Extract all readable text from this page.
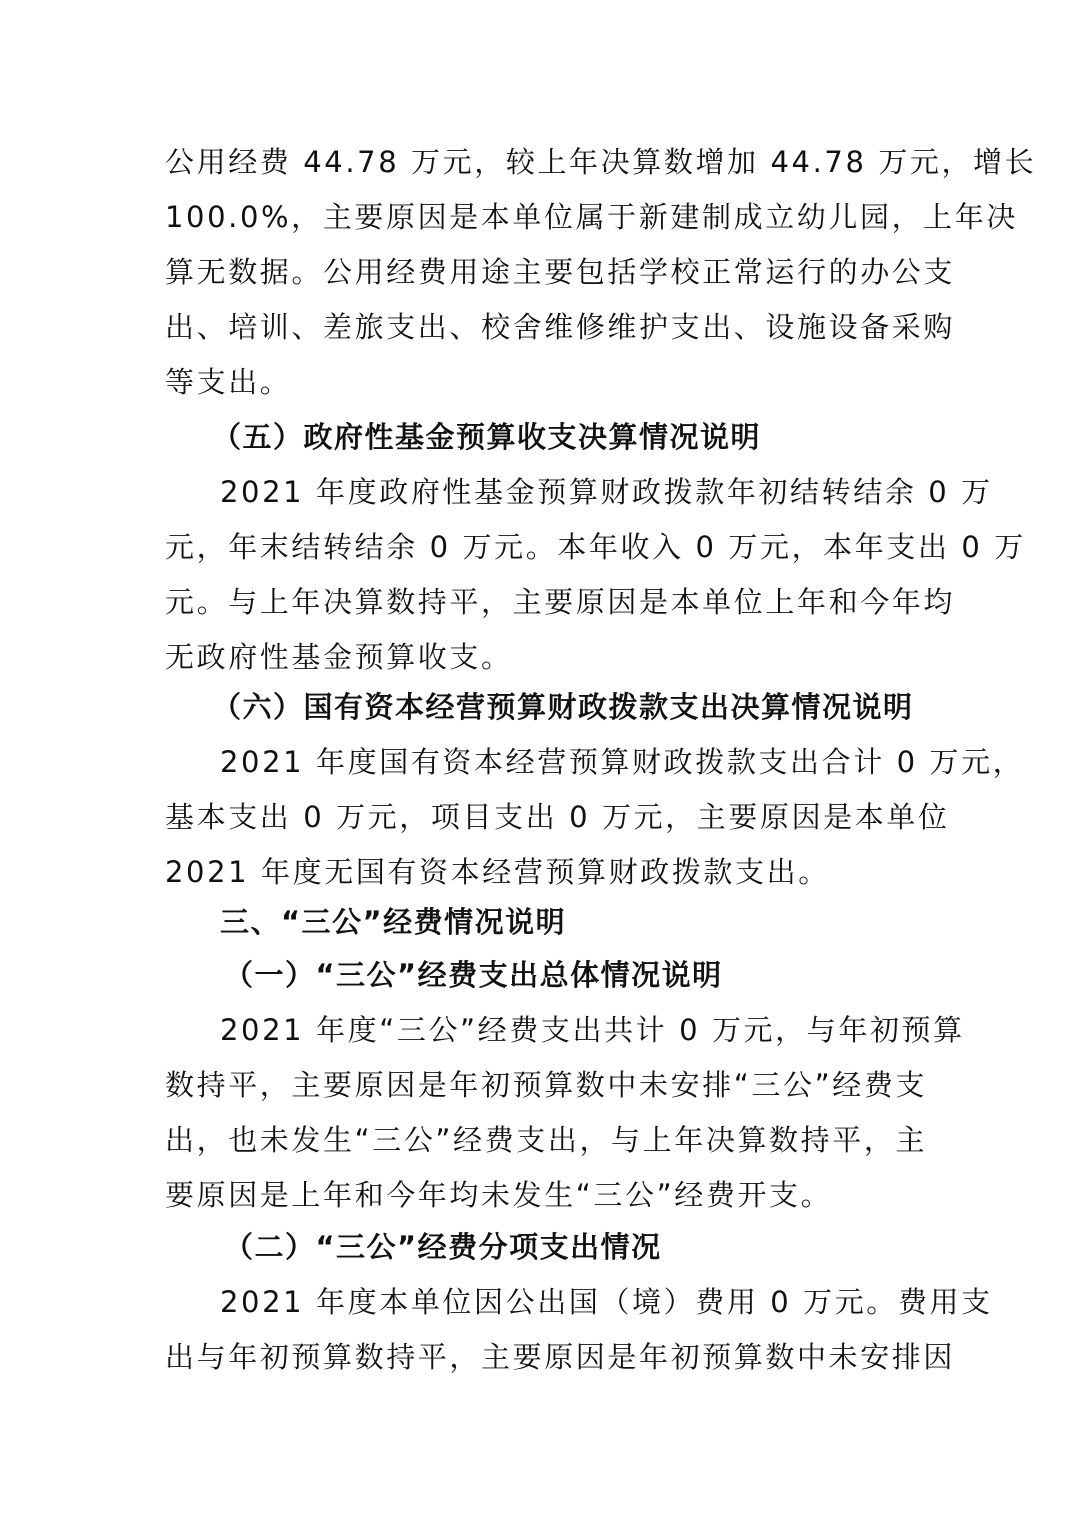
公用经费 44.78 万元，较上年决算数增加 44.78 万元，增长
100.0%，主要原因是本单位属于新建制成立幼儿园，上年决
算无数据。公用经费用途主要包括学校正常运行的办公支
出、培训、差旅支出、校舍维修维护支出、设施设备采购
等支出。
（五）政府性基金预算收支决算情况说明
2021 年度政府性基金预算财政拨款年初结转结余 0 万
元，年末结转结余 0 万元。本年收入 0 万元，本年支出 0 万
元。与上年决算数持平，主要原因是本单位上年和今年均
无政府性基金预算收支。
（六）国有资本经营预算财政拨款支出决算情况说明
2021 年度国有资本经营预算财政拨款支出合计 0 万元，
基本支出 0 万元，项目支出 0 万元，主要原因是本单位
2021 年度无国有资本经营预算财政拨款支出。
三、“三公”经费情况说明
（一）“三公”经费支出总体情况说明
2021 年度“三公”经费支出共计 0 万元，与年初预算
数持平，主要原因是年初预算数中未安排“三公”经费支
出，也未发生“三公”经费支出，与上年决算数持平，主
要原因是上年和今年均未发生“三公”经费开支。
（二）“三公”经费分项支出情况
2021 年度本单位因公出国（境）费用 0 万元。费用支
出与年初预算数持平，主要原因是年初预算数中未安排因
